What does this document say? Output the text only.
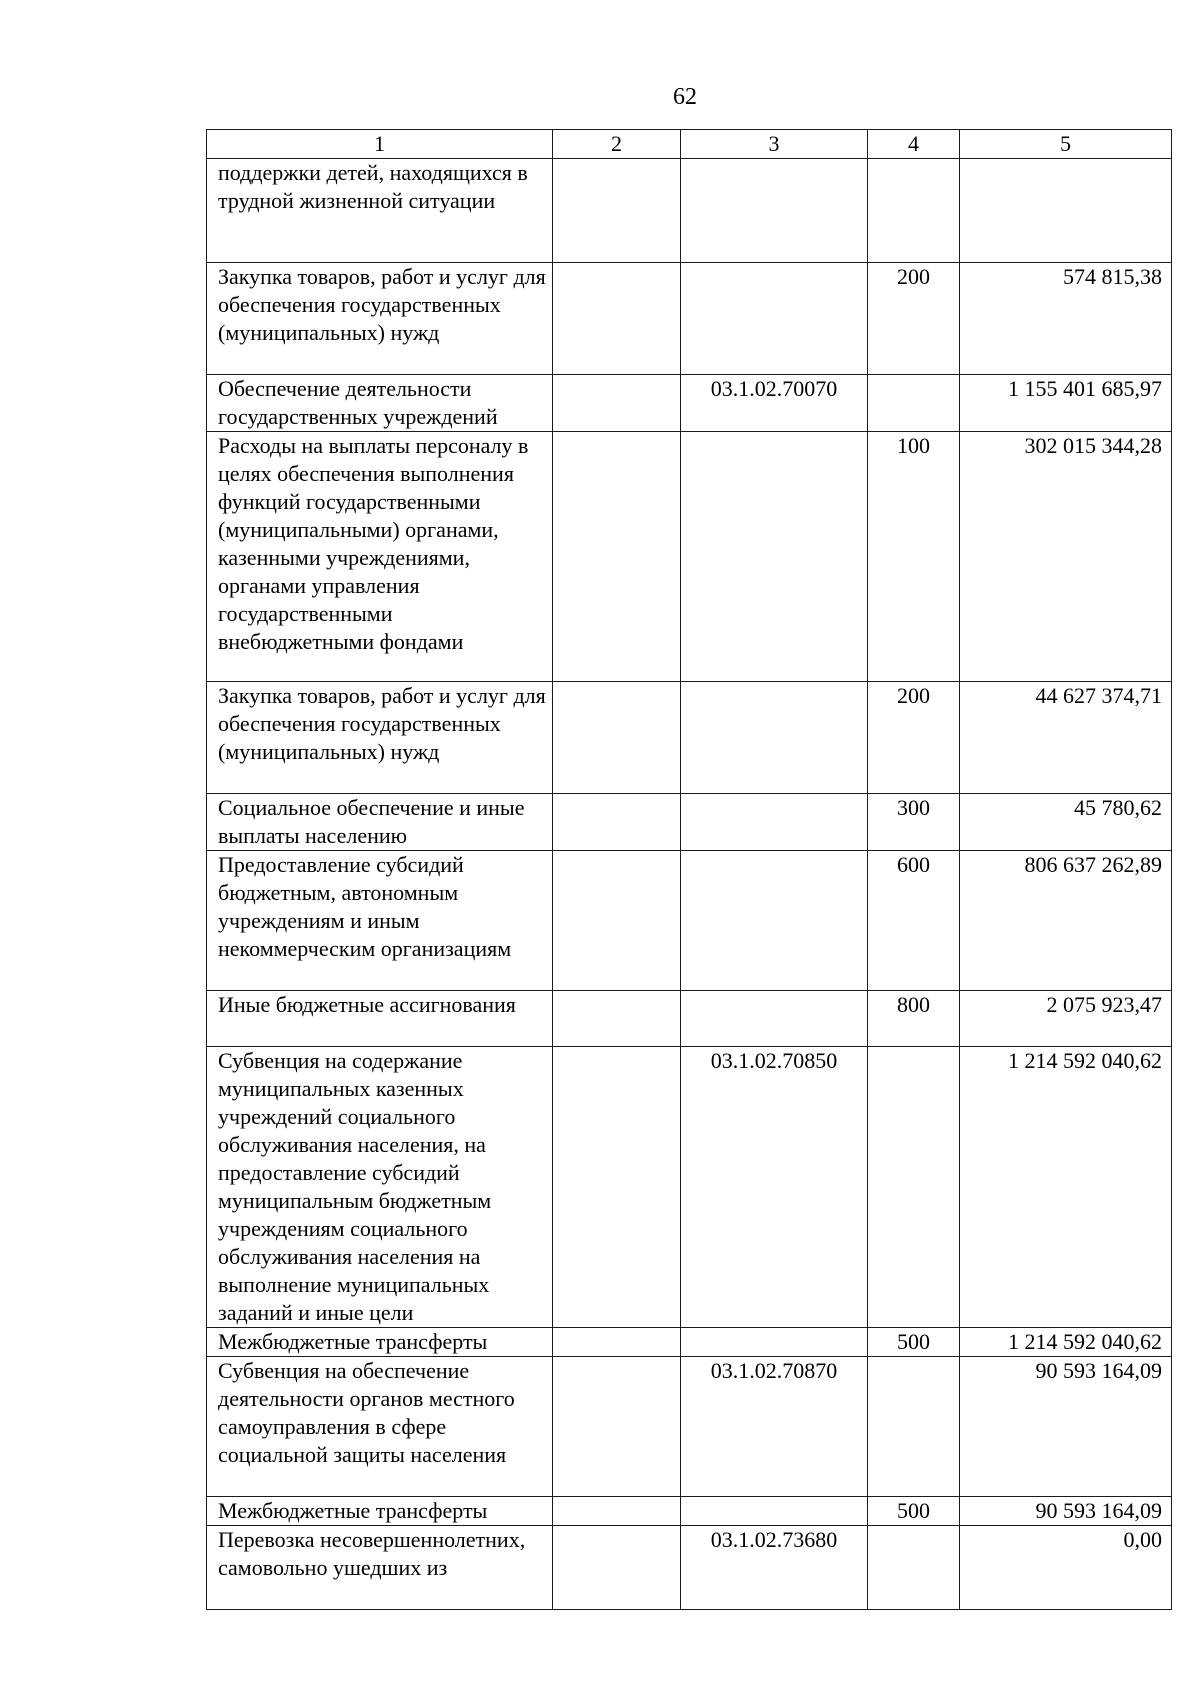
62
1	2	3	4	5
поддержки детей, находящихся в трудной жизненной ситуации				
Закупка товаров, работ и услуг для обеспечения государственных (муниципальных) нужд			200	574 815,38
Обеспечение деятельности государственных учреждений		03.1.02.70070		1 155 401 685,97
Расходы на выплаты персоналу в целях обеспечения выполнения функций государственными (муниципальными) органами, казенными учреждениями, органами управления государственными внебюджетными фондами			100	302 015 344,28
Закупка товаров, работ и услуг для обеспечения государственных (муниципальных) нужд			200	44 627 374,71
Социальное обеспечение и иные выплаты населению			300	45 780,62
Предоставление субсидий бюджетным, автономным учреждениям и иным некоммерческим организациям			600	806 637 262,89
Иные бюджетные ассигнования			800	2 075 923,47
Субвенция на содержание муниципальных казенных учреждений социального обслуживания населения, на предоставление субсидий муниципальным бюджетным учреждениям социального обслуживания населения на выполнение муниципальных заданий и иные цели		03.1.02.70850		1 214 592 040,62
Межбюджетные трансферты			500	1 214 592 040,62
Субвенция на обеспечение деятельности органов местного самоуправления в сфере социальной защиты населения		03.1.02.70870		90 593 164,09
Межбюджетные трансферты			500	90 593 164,09
Перевозка несовершеннолетних, самовольно ушедших из		03.1.02.73680		0,00
